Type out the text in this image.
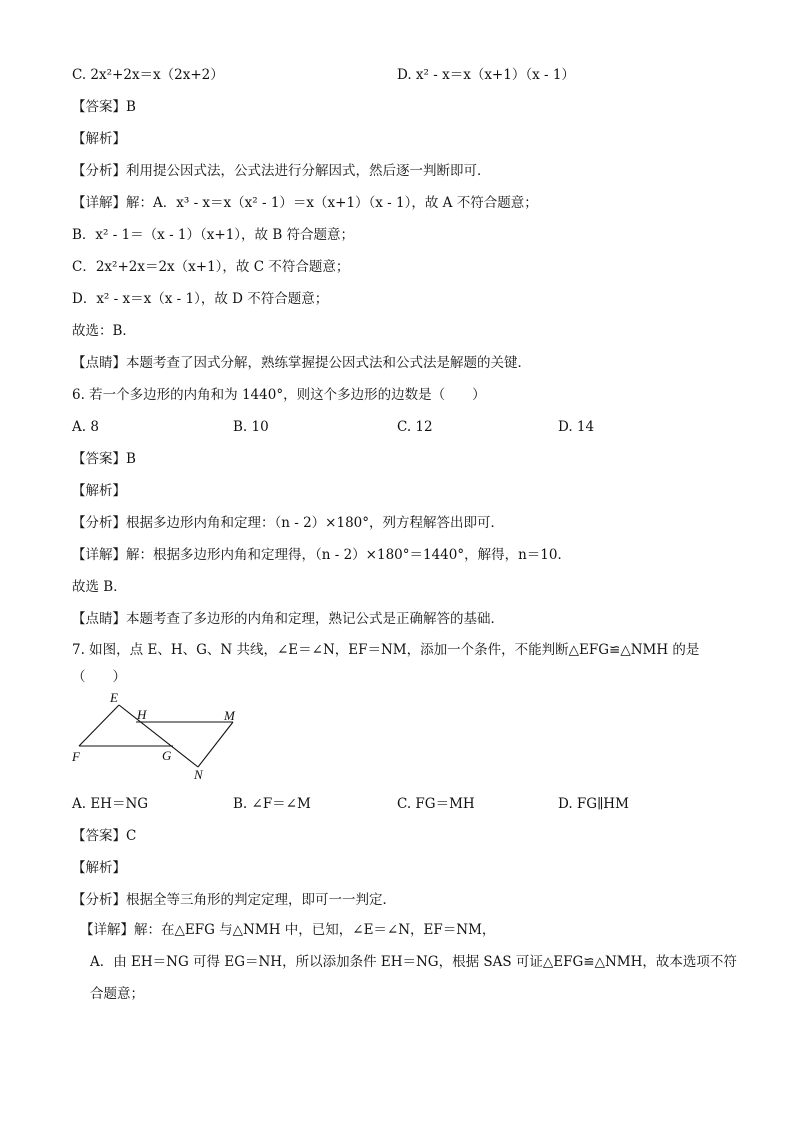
C. 2x²+2x＝x（2x+2）	D. x² - x＝x（x+1）（x - 1）
【答案】B
【解析】
【分析】利用提公因式法，公式法进行分解因式，然后逐一判断即可．
【详解】解：A．x³ - x＝x（x² - 1）＝x（x+1）（x - 1），故 A 不符合题意；
B．x² - 1＝（x - 1）（x+1），故 B 符合题意；
C．2x²+2x＝2x（x+1），故 C 不符合题意；
D．x² - x＝x（x - 1），故 D 不符合题意；
故选：B．
【点睛】本题考查了因式分解，熟练掌握提公因式法和公式法是解题的关键．
6. 若一个多边形的内角和为 1440°，则这个多边形的边数是（　　）
A. 8	B. 10	C. 12	D. 14
【答案】B
【解析】
【分析】根据多边形内角和定理：（n - 2）×180°，列方程解答出即可．
【详解】解：根据多边形内角和定理得，（n - 2）×180°＝1440°，解得，n＝10．
故选 B．
【点睛】本题考查了多边形的内角和定理，熟记公式是正确解答的基础．
7. 如图，点 E、H、G、N 共线，∠E＝∠N，EF＝NM，添加一个条件，不能判断△EFG≌△NMH 的是
（　　）
E
H	M
F	G
N
A. EH＝NG	B. ∠F＝∠M	C. FG＝MH	D. FG∥HM
【答案】C
【解析】
【分析】根据全等三角形的判定定理，即可一一判定．
【详解】解：在△EFG 与△NMH 中，已知，∠E＝∠N，EF＝NM，
A．由 EH＝NG 可得 EG＝NH，所以添加条件 EH＝NG，根据 SAS 可证△EFG≌△NMH，故本选项不符
合题意；
